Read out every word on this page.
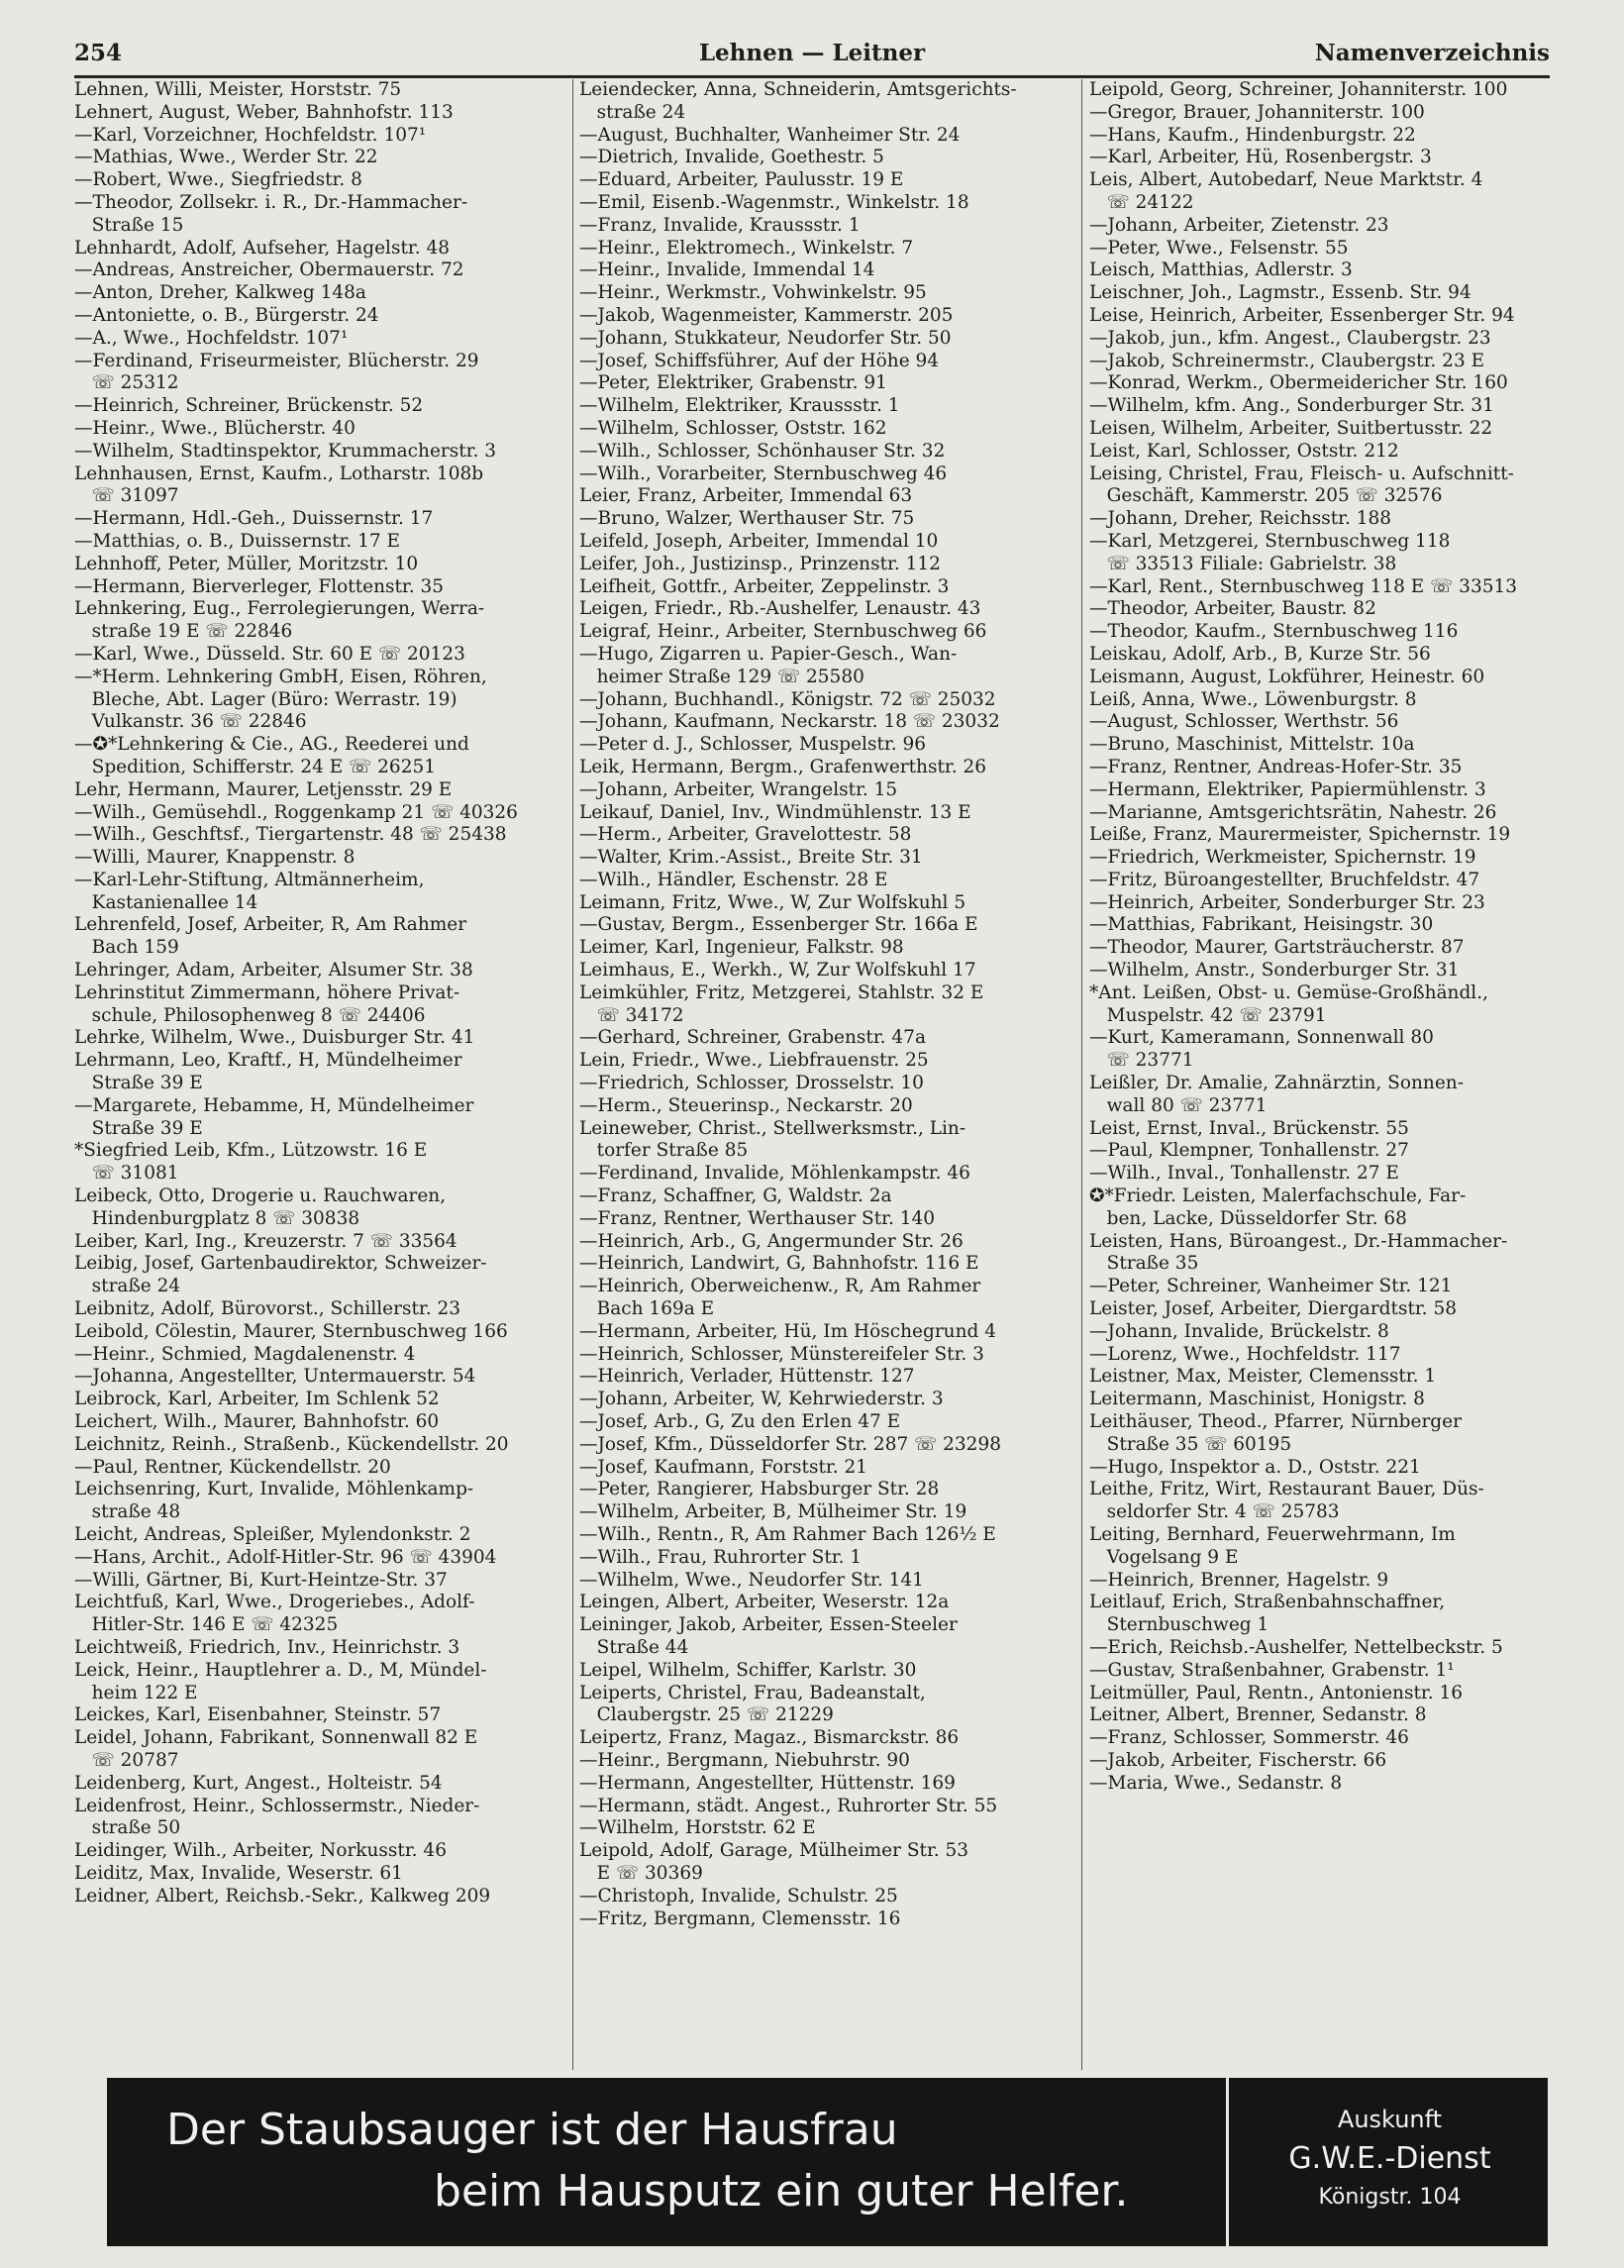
254	Lehnen — Leitner	Namenverzeichnis
Lehnen, Willi, Meister, Horststr. 75
Lehnert, August, Weber, Bahnhofstr. 113
—Karl, Vorzeichner, Hochfeldstr. 107¹
—Mathias, Wwe., Werder Str. 22
—Robert, Wwe., Siegfriedstr. 8
—Theodor, Zollsekr. i. R., Dr.-Hammacher-
Straße 15
Lehnhardt, Adolf, Aufseher, Hagelstr. 48
—Andreas, Anstreicher, Obermauerstr. 72
—Anton, Dreher, Kalkweg 148a
—Antoniette, o. B., Bürgerstr. 24
—A., Wwe., Hochfeldstr. 107¹
—Ferdinand, Friseurmeister, Blücherstr. 29
☏ 25312
—Heinrich, Schreiner, Brückenstr. 52
—Heinr., Wwe., Blücherstr. 40
—Wilhelm, Stadtinspektor, Krummacherstr. 3
Lehnhausen, Ernst, Kaufm., Lotharstr. 108b
☏ 31097
—Hermann, Hdl.-Geh., Duissernstr. 17
—Matthias, o. B., Duissernstr. 17 E
Lehnhoff, Peter, Müller, Moritzstr. 10
—Hermann, Bierverleger, Flottenstr. 35
Lehnkering, Eug., Ferrolegierungen, Werra-
straße 19 E ☏ 22846
—Karl, Wwe., Düsseld. Str. 60 E ☏ 20123
—*Herm. Lehnkering GmbH, Eisen, Röhren,
Bleche, Abt. Lager (Büro: Werrastr. 19)
Vulkanstr. 36 ☏ 22846
—✪*Lehnkering & Cie., AG., Reederei und
Spedition, Schifferstr. 24 E ☏ 26251
Lehr, Hermann, Maurer, Letjensstr. 29 E
—Wilh., Gemüsehdl., Roggenkamp 21 ☏ 40326
—Wilh., Geschftsf., Tiergartenstr. 48 ☏ 25438
—Willi, Maurer, Knappenstr. 8
—Karl-Lehr-Stiftung, Altmännerheim,
Kastanienallee 14
Lehrenfeld, Josef, Arbeiter, R, Am Rahmer
Bach 159
Lehringer, Adam, Arbeiter, Alsumer Str. 38
Lehrinstitut Zimmermann, höhere Privat-
schule, Philosophenweg 8 ☏ 24406
Lehrke, Wilhelm, Wwe., Duisburger Str. 41
Lehrmann, Leo, Kraftf., H, Mündelheimer
Straße 39 E
—Margarete, Hebamme, H, Mündelheimer
Straße 39 E
*Siegfried Leib, Kfm., Lützowstr. 16 E
☏ 31081
Leibeck, Otto, Drogerie u. Rauchwaren,
Hindenburgplatz 8 ☏ 30838
Leiber, Karl, Ing., Kreuzerstr. 7 ☏ 33564
Leibig, Josef, Gartenbaudirektor, Schweizer-
straße 24
Leibnitz, Adolf, Bürovorst., Schillerstr. 23
Leibold, Cölestin, Maurer, Sternbuschweg 166
—Heinr., Schmied, Magdalenenstr. 4
—Johanna, Angestellter, Untermauerstr. 54
Leibrock, Karl, Arbeiter, Im Schlenk 52
Leichert, Wilh., Maurer, Bahnhofstr. 60
Leichnitz, Reinh., Straßenb., Kückendellstr. 20
—Paul, Rentner, Kückendellstr. 20
Leichsenring, Kurt, Invalide, Möhlenkamp-
straße 48
Leicht, Andreas, Spleißer, Mylendonkstr. 2
—Hans, Archit., Adolf-Hitler-Str. 96 ☏ 43904
—Willi, Gärtner, Bi, Kurt-Heintze-Str. 37
Leichtfuß, Karl, Wwe., Drogeriebes., Adolf-
Hitler-Str. 146 E ☏ 42325
Leichtweiß, Friedrich, Inv., Heinrichstr. 3
Leick, Heinr., Hauptlehrer a. D., M, Mündel-
heim 122 E
Leickes, Karl, Eisenbahner, Steinstr. 57
Leidel, Johann, Fabrikant, Sonnenwall 82 E
☏ 20787
Leidenberg, Kurt, Angest., Holteistr. 54
Leidenfrost, Heinr., Schlossermstr., Nieder-
straße 50
Leidinger, Wilh., Arbeiter, Norkusstr. 46
Leiditz, Max, Invalide, Weserstr. 61
Leidner, Albert, Reichsb.-Sekr., Kalkweg 209
Leiendecker, Anna, Schneiderin, Amtsgerichts-
straße 24
—August, Buchhalter, Wanheimer Str. 24
—Dietrich, Invalide, Goethestr. 5
—Eduard, Arbeiter, Paulusstr. 19 E
—Emil, Eisenb.-Wagenmstr., Winkelstr. 18
—Franz, Invalide, Kraussstr. 1
—Heinr., Elektromech., Winkelstr. 7
—Heinr., Invalide, Immendal 14
—Heinr., Werkmstr., Vohwinkelstr. 95
—Jakob, Wagenmeister, Kammerstr. 205
—Johann, Stukkateur, Neudorfer Str. 50
—Josef, Schiffsführer, Auf der Höhe 94
—Peter, Elektriker, Grabenstr. 91
—Wilhelm, Elektriker, Kraussstr. 1
—Wilhelm, Schlosser, Oststr. 162
—Wilh., Schlosser, Schönhauser Str. 32
—Wilh., Vorarbeiter, Sternbuschweg 46
Leier, Franz, Arbeiter, Immendal 63
—Bruno, Walzer, Werthauser Str. 75
Leifeld, Joseph, Arbeiter, Immendal 10
Leifer, Joh., Justizinsp., Prinzenstr. 112
Leifheit, Gottfr., Arbeiter, Zeppelinstr. 3
Leigen, Friedr., Rb.-Aushelfer, Lenaustr. 43
Leigraf, Heinr., Arbeiter, Sternbuschweg 66
—Hugo, Zigarren u. Papier-Gesch., Wan-
heimer Straße 129 ☏ 25580
—Johann, Buchhandl., Königstr. 72 ☏ 25032
—Johann, Kaufmann, Neckarstr. 18 ☏ 23032
—Peter d. J., Schlosser, Muspelstr. 96
Leik, Hermann, Bergm., Grafenwerthstr. 26
—Johann, Arbeiter, Wrangelstr. 15
Leikauf, Daniel, Inv., Windmühlenstr. 13 E
—Herm., Arbeiter, Gravelottestr. 58
—Walter, Krim.-Assist., Breite Str. 31
—Wilh., Händler, Eschenstr. 28 E
Leimann, Fritz, Wwe., W, Zur Wolfskuhl 5
—Gustav, Bergm., Essenberger Str. 166a E
Leimer, Karl, Ingenieur, Falkstr. 98
Leimhaus, E., Werkh., W, Zur Wolfskuhl 17
Leimkühler, Fritz, Metzgerei, Stahlstr. 32 E
☏ 34172
—Gerhard, Schreiner, Grabenstr. 47a
Lein, Friedr., Wwe., Liebfrauenstr. 25
—Friedrich, Schlosser, Drosselstr. 10
—Herm., Steuerinsp., Neckarstr. 20
Leineweber, Christ., Stellwerksmstr., Lin-
torfer Straße 85
—Ferdinand, Invalide, Möhlenkampstr. 46
—Franz, Schaffner, G, Waldstr. 2a
—Franz, Rentner, Werthauser Str. 140
—Heinrich, Arb., G, Angermunder Str. 26
—Heinrich, Landwirt, G, Bahnhofstr. 116 E
—Heinrich, Oberweichenw., R, Am Rahmer
Bach 169a E
—Hermann, Arbeiter, Hü, Im Höschegrund 4
—Heinrich, Schlosser, Münstereifeler Str. 3
—Heinrich, Verlader, Hüttenstr. 127
—Johann, Arbeiter, W, Kehrwiederstr. 3
—Josef, Arb., G, Zu den Erlen 47 E
—Josef, Kfm., Düsseldorfer Str. 287 ☏ 23298
—Josef, Kaufmann, Forststr. 21
—Peter, Rangierer, Habsburger Str. 28
—Wilhelm, Arbeiter, B, Mülheimer Str. 19
—Wilh., Rentn., R, Am Rahmer Bach 126½ E
—Wilh., Frau, Ruhrorter Str. 1
—Wilhelm, Wwe., Neudorfer Str. 141
Leingen, Albert, Arbeiter, Weserstr. 12a
Leininger, Jakob, Arbeiter, Essen-Steeler
Straße 44
Leipel, Wilhelm, Schiffer, Karlstr. 30
Leiperts, Christel, Frau, Badeanstalt,
Claubergstr. 25 ☏ 21229
Leipertz, Franz, Magaz., Bismarckstr. 86
—Heinr., Bergmann, Niebuhrstr. 90
—Hermann, Angestellter, Hüttenstr. 169
—Hermann, städt. Angest., Ruhrorter Str. 55
—Wilhelm, Horststr. 62 E
Leipold, Adolf, Garage, Mülheimer Str. 53
E ☏ 30369
—Christoph, Invalide, Schulstr. 25
—Fritz, Bergmann, Clemensstr. 16
Leipold, Georg, Schreiner, Johanniterstr. 100
—Gregor, Brauer, Johanniterstr. 100
—Hans, Kaufm., Hindenburgstr. 22
—Karl, Arbeiter, Hü, Rosenbergstr. 3
Leis, Albert, Autobedarf, Neue Marktstr. 4
☏ 24122
—Johann, Arbeiter, Zietenstr. 23
—Peter, Wwe., Felsenstr. 55
Leisch, Matthias, Adlerstr. 3
Leischner, Joh., Lagmstr., Essenb. Str. 94
Leise, Heinrich, Arbeiter, Essenberger Str. 94
—Jakob, jun., kfm. Angest., Claubergstr. 23
—Jakob, Schreinermstr., Claubergstr. 23 E
—Konrad, Werkm., Obermeidericher Str. 160
—Wilhelm, kfm. Ang., Sonderburger Str. 31
Leisen, Wilhelm, Arbeiter, Suitbertusstr. 22
Leist, Karl, Schlosser, Oststr. 212
Leising, Christel, Frau, Fleisch- u. Aufschnitt-
Geschäft, Kammerstr. 205 ☏ 32576
—Johann, Dreher, Reichsstr. 188
—Karl, Metzgerei, Sternbuschweg 118
☏ 33513 Filiale: Gabrielstr. 38
—Karl, Rent., Sternbuschweg 118 E ☏ 33513
—Theodor, Arbeiter, Baustr. 82
—Theodor, Kaufm., Sternbuschweg 116
Leiskau, Adolf, Arb., B, Kurze Str. 56
Leismann, August, Lokführer, Heinestr. 60
Leiß, Anna, Wwe., Löwenburgstr. 8
—August, Schlosser, Werthstr. 56
—Bruno, Maschinist, Mittelstr. 10a
—Franz, Rentner, Andreas-Hofer-Str. 35
—Hermann, Elektriker, Papiermühlenstr. 3
—Marianne, Amtsgerichtsrätin, Nahestr. 26
Leiße, Franz, Maurermeister, Spichernstr. 19
—Friedrich, Werkmeister, Spichernstr. 19
—Fritz, Büroangestellter, Bruchfeldstr. 47
—Heinrich, Arbeiter, Sonderburger Str. 23
—Matthias, Fabrikant, Heisingstr. 30
—Theodor, Maurer, Gartsträucherstr. 87
—Wilhelm, Anstr., Sonderburger Str. 31
*Ant. Leißen, Obst- u. Gemüse-Großhändl.,
Muspelstr. 42 ☏ 23791
—Kurt, Kameramann, Sonnenwall 80
☏ 23771
Leißler, Dr. Amalie, Zahnärztin, Sonnen-
wall 80 ☏ 23771
Leist, Ernst, Inval., Brückenstr. 55
—Paul, Klempner, Tonhallenstr. 27
—Wilh., Inval., Tonhallenstr. 27 E
✪*Friedr. Leisten, Malerfachschule, Far-
ben, Lacke, Düsseldorfer Str. 68
Leisten, Hans, Büroangest., Dr.-Hammacher-
Straße 35
—Peter, Schreiner, Wanheimer Str. 121
Leister, Josef, Arbeiter, Diergardtstr. 58
—Johann, Invalide, Brückelstr. 8
—Lorenz, Wwe., Hochfeldstr. 117
Leistner, Max, Meister, Clemensstr. 1
Leitermann, Maschinist, Honigstr. 8
Leithäuser, Theod., Pfarrer, Nürnberger
Straße 35 ☏ 60195
—Hugo, Inspektor a. D., Oststr. 221
Leithe, Fritz, Wirt, Restaurant Bauer, Düs-
seldorfer Str. 4 ☏ 25783
Leiting, Bernhard, Feuerwehrmann, Im
Vogelsang 9 E
—Heinrich, Brenner, Hagelstr. 9
Leitlauf, Erich, Straßenbahnschaffner,
Sternbuschweg 1
—Erich, Reichsb.-Aushelfer, Nettelbeckstr. 5
—Gustav, Straßenbahner, Grabenstr. 1¹
Leitmüller, Paul, Rentn., Antonienstr. 16
Leitner, Albert, Brenner, Sedanstr. 8
—Franz, Schlosser, Sommerstr. 46
—Jakob, Arbeiter, Fischerstr. 66
—Maria, Wwe., Sedanstr. 8
Der Staubsauger ist der Hausfrau
beim Hausputz ein guter Helfer.
Auskunft
G.W.E.-Dienst
Königstr. 104
